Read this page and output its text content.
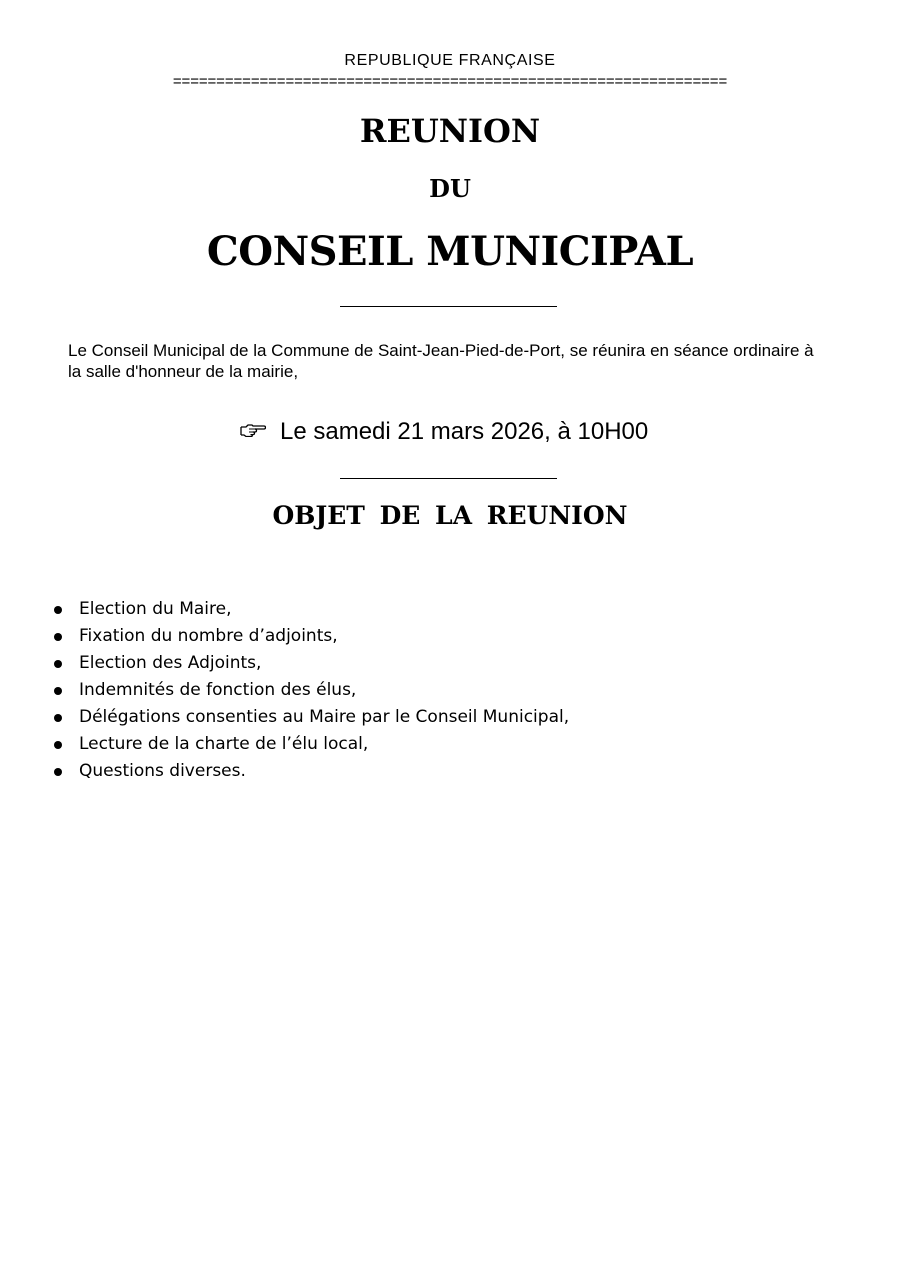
REPUBLIQUE FRANÇAISE
================================================================
REUNION
DU
CONSEIL MUNICIPAL
Le Conseil Municipal de la Commune de Saint-Jean-Pied-de-Port, se réunira en séance ordinaire à la salle d'honneur de la mairie,
Le samedi 21 mars 2026, à 10H00
OBJET DE LA REUNION
Election du Maire,
Fixation du nombre d’adjoints,
Election des Adjoints,
Indemnités de fonction des élus,
Délégations consenties au Maire par le Conseil Municipal,
Lecture de la charte de l’élu local,
Questions diverses.
